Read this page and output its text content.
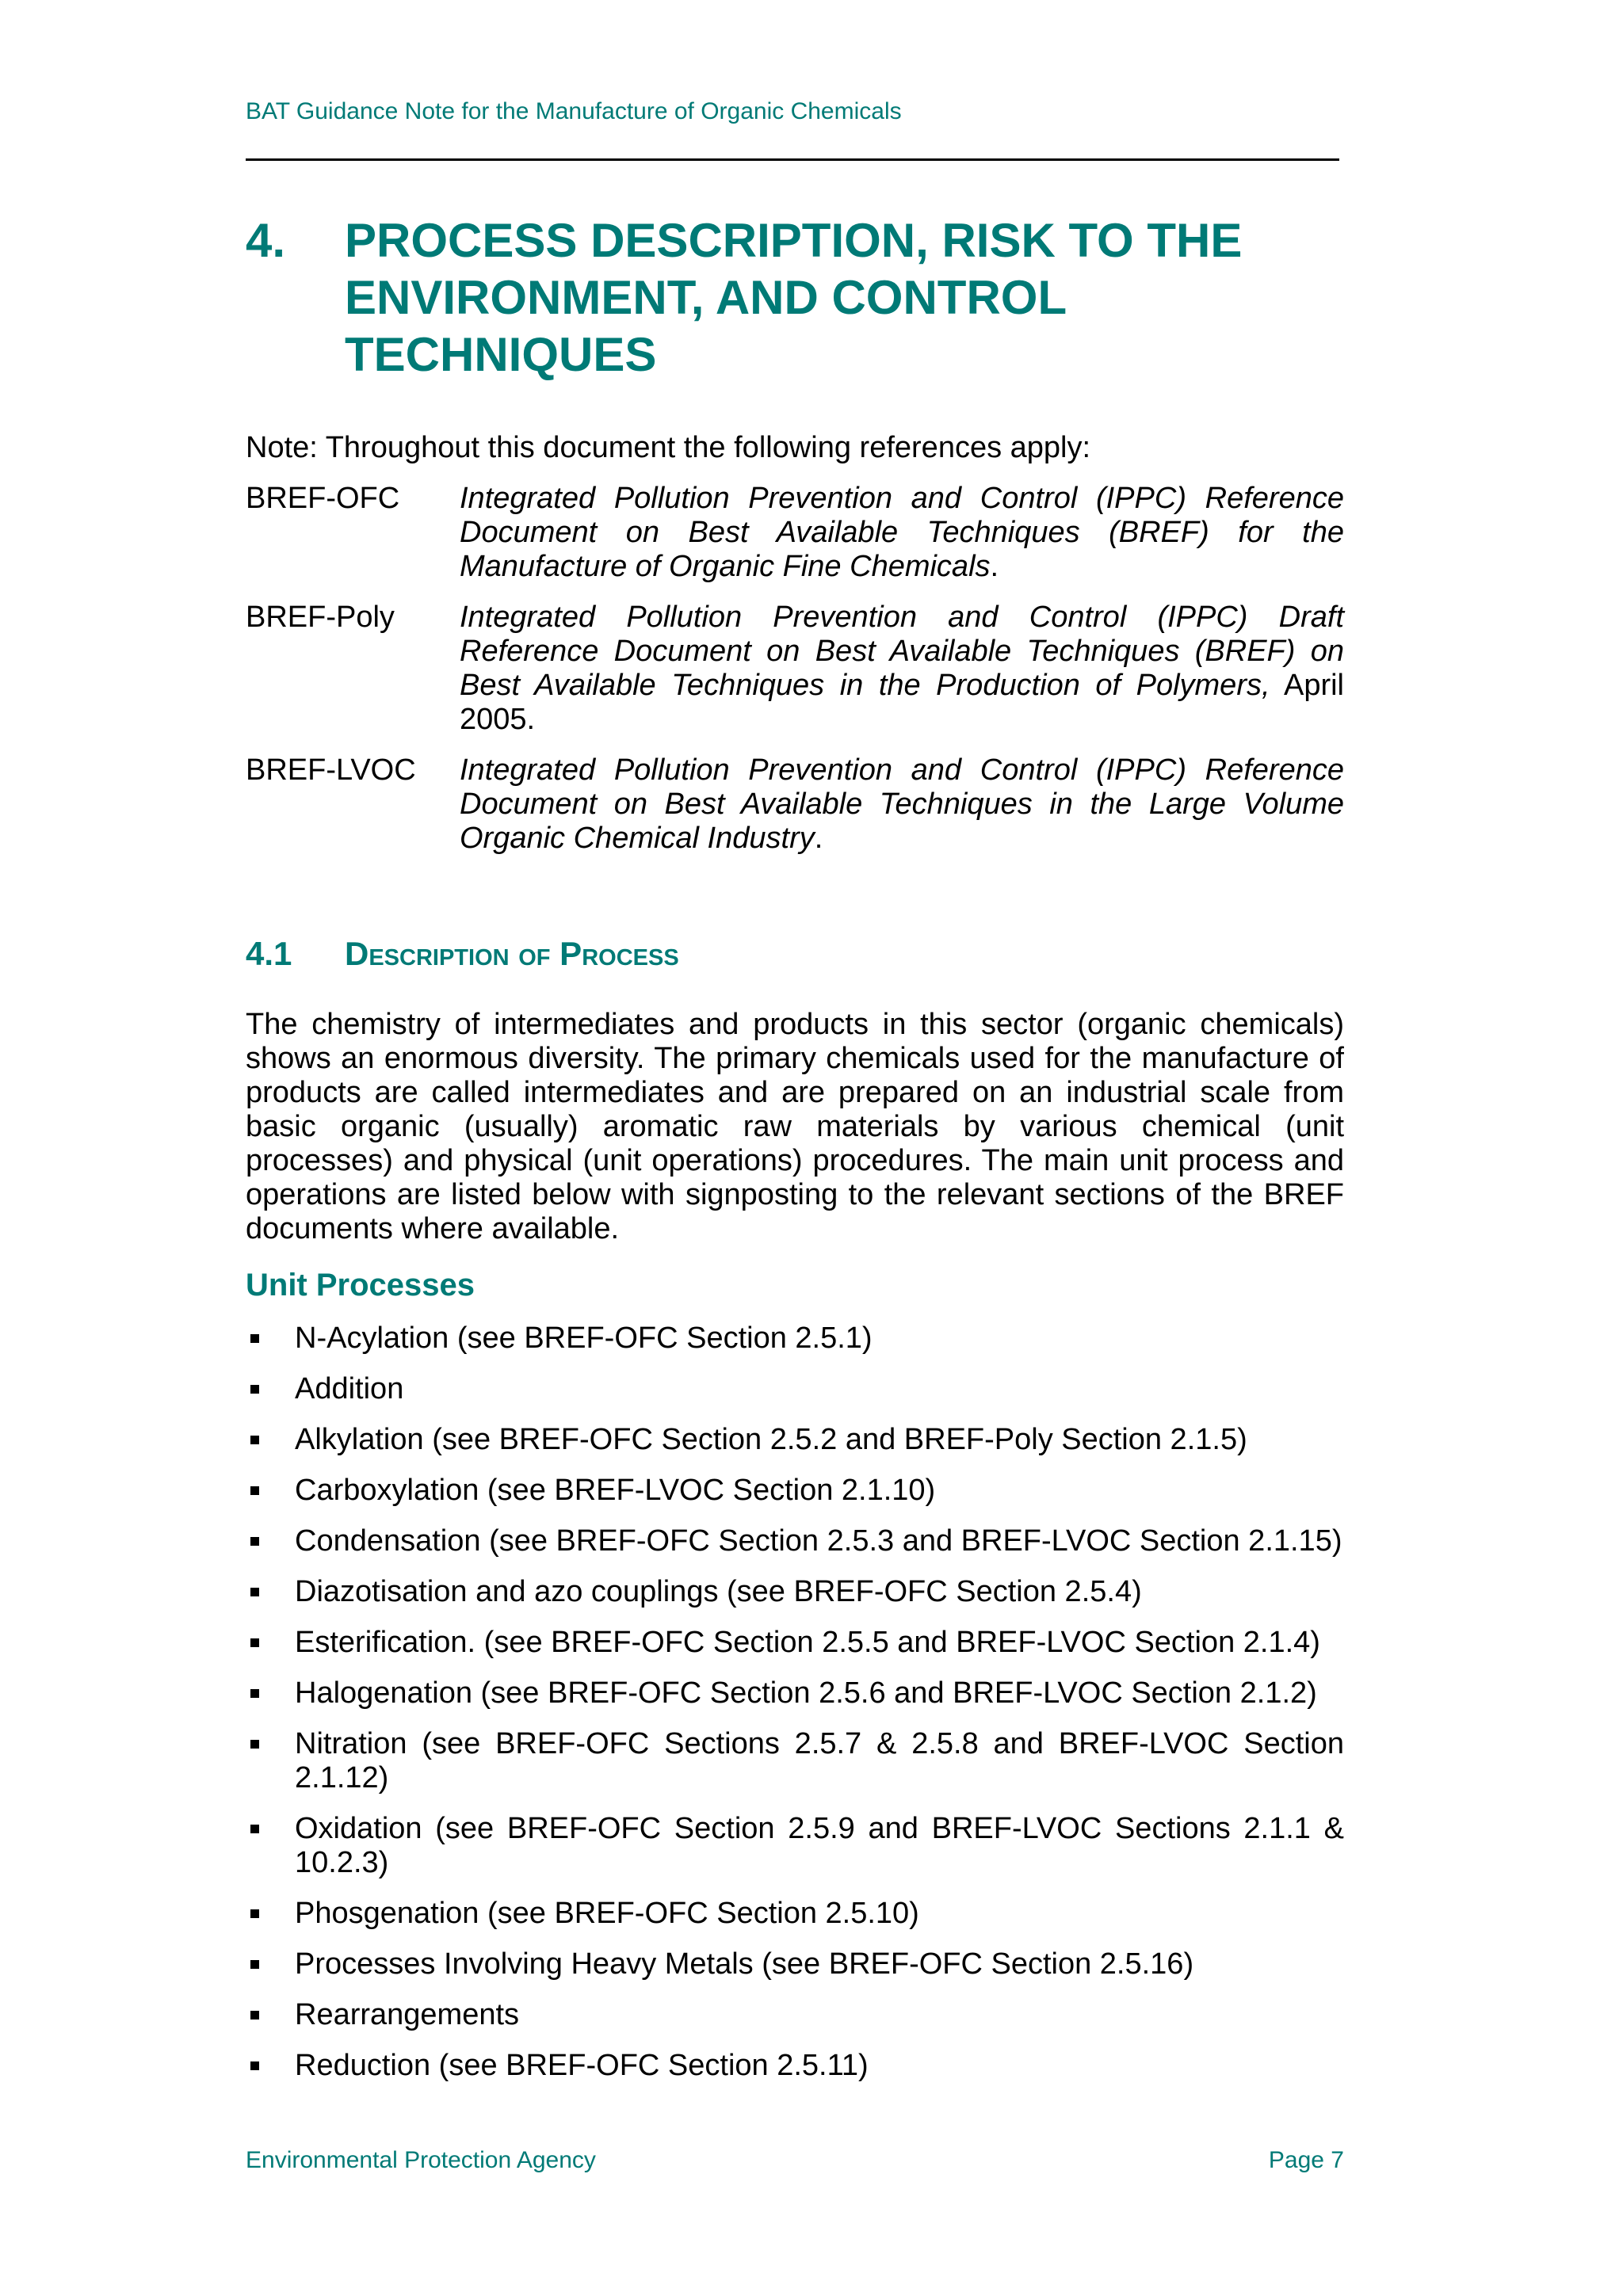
BAT Guidance Note for the Manufacture of Organic Chemicals
4. PROCESS DESCRIPTION, RISK TO THE ENVIRONMENT, AND CONTROL TECHNIQUES
Note: Throughout this document the following references apply:
BREF-OFC Integrated Pollution Prevention and Control (IPPC) Reference Document on Best Available Techniques (BREF) for the Manufacture of Organic Fine Chemicals.
BREF-Poly Integrated Pollution Prevention and Control (IPPC) Draft Reference Document on Best Available Techniques (BREF) on Best Available Techniques in the Production of Polymers, April 2005.
BREF-LVOC Integrated Pollution Prevention and Control (IPPC) Reference Document on Best Available Techniques in the Large Volume Organic Chemical Industry.
4.1 Description of Process
The chemistry of intermediates and products in this sector (organic chemicals) shows an enormous diversity. The primary chemicals used for the manufacture of products are called intermediates and are prepared on an industrial scale from basic organic (usually) aromatic raw materials by various chemical (unit processes) and physical (unit operations) procedures. The main unit process and operations are listed below with signposting to the relevant sections of the BREF documents where available.
Unit Processes
N-Acylation (see BREF-OFC Section 2.5.1)
Addition
Alkylation (see BREF-OFC Section 2.5.2 and BREF-Poly Section 2.1.5)
Carboxylation (see BREF-LVOC Section 2.1.10)
Condensation (see BREF-OFC Section 2.5.3 and BREF-LVOC Section 2.1.15)
Diazotisation and azo couplings (see BREF-OFC Section 2.5.4)
Esterification. (see BREF-OFC Section 2.5.5 and BREF-LVOC Section 2.1.4)
Halogenation (see BREF-OFC Section 2.5.6 and BREF-LVOC Section 2.1.2)
Nitration (see BREF-OFC Sections 2.5.7 & 2.5.8 and BREF-LVOC Section 2.1.12)
Oxidation (see BREF-OFC Section 2.5.9 and BREF-LVOC Sections 2.1.1 & 10.2.3)
Phosgenation (see BREF-OFC Section 2.5.10)
Processes Involving Heavy Metals (see BREF-OFC Section 2.5.16)
Rearrangements
Reduction (see BREF-OFC Section 2.5.11)
Environmental Protection Agency	Page 7
